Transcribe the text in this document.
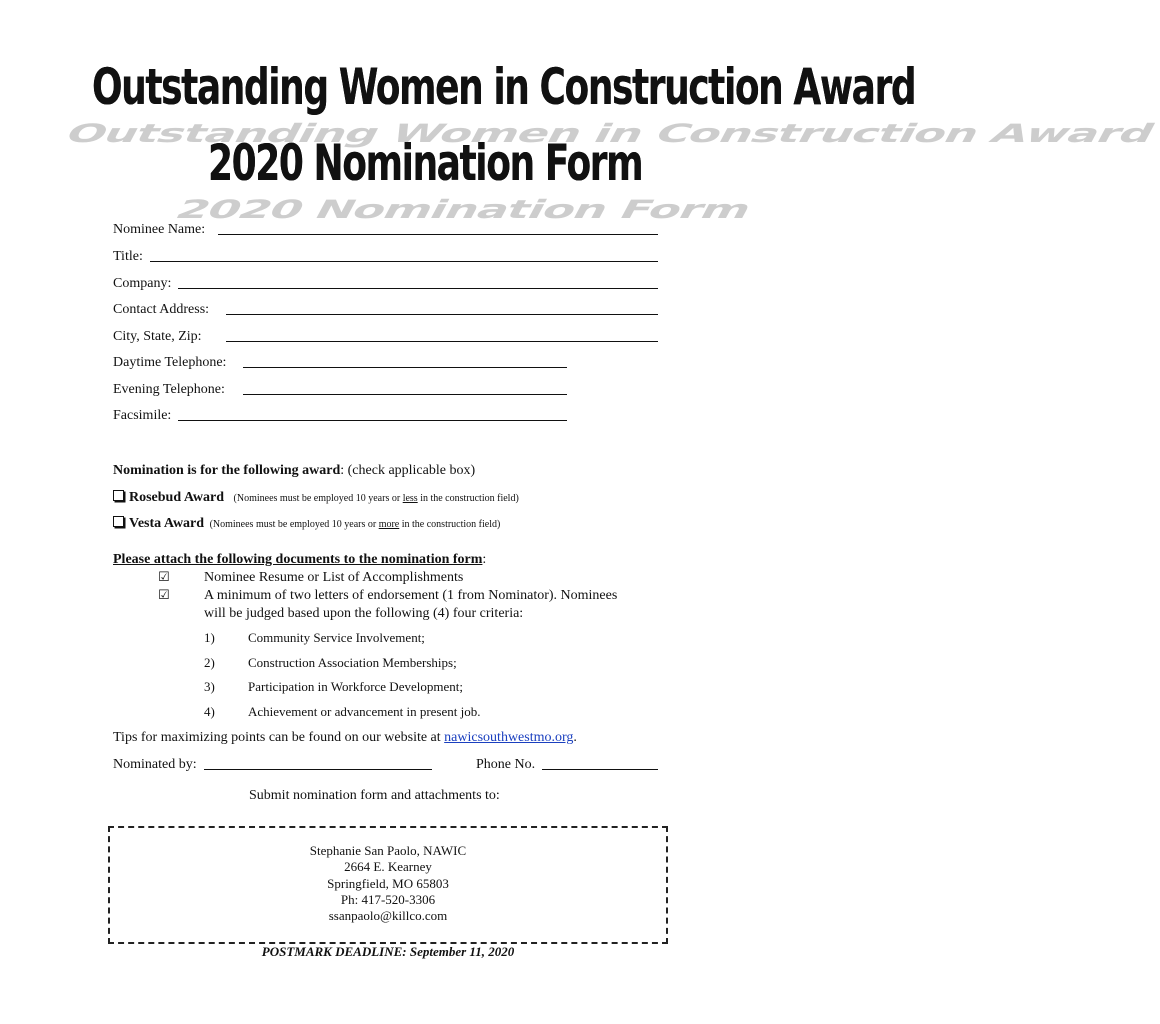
Outstanding Women in Construction Award
2020 Nomination Form
Outstanding Women in Construction Award
2020 Nomination Form
Nominee Name:
Title:
Company:
Contact Address:
City, State, Zip:
Daytime Telephone:
Evening Telephone:
Facsimile:
Nomination is for the following award: (check applicable box)
Rosebud Award (Nominees must be employed 10 years or less in the construction field)
Vesta Award (Nominees must be employed 10 years or more in the construction field)
Please attach the following documents to the nomination form:
☑ Nominee Resume or List of Accomplishments
☑ A minimum of two letters of endorsement (1 from Nominator). Nominees
will be judged based upon the following (4) four criteria:
1)	Community Service Involvement;
2)	Construction Association Memberships;
3)	Participation in Workforce Development;
4)	Achievement or advancement in present job.
Tips for maximizing points can be found on our website at nawicsouthwestmo.org.
Nominated by:	Phone No.
Submit nomination form and attachments to:
Stephanie San Paolo, NAWIC
2664 E. Kearney
Springfield, MO 65803
Ph: 417-520-3306
ssanpaolo@killco.com
POSTMARK DEADLINE: September 11, 2020
